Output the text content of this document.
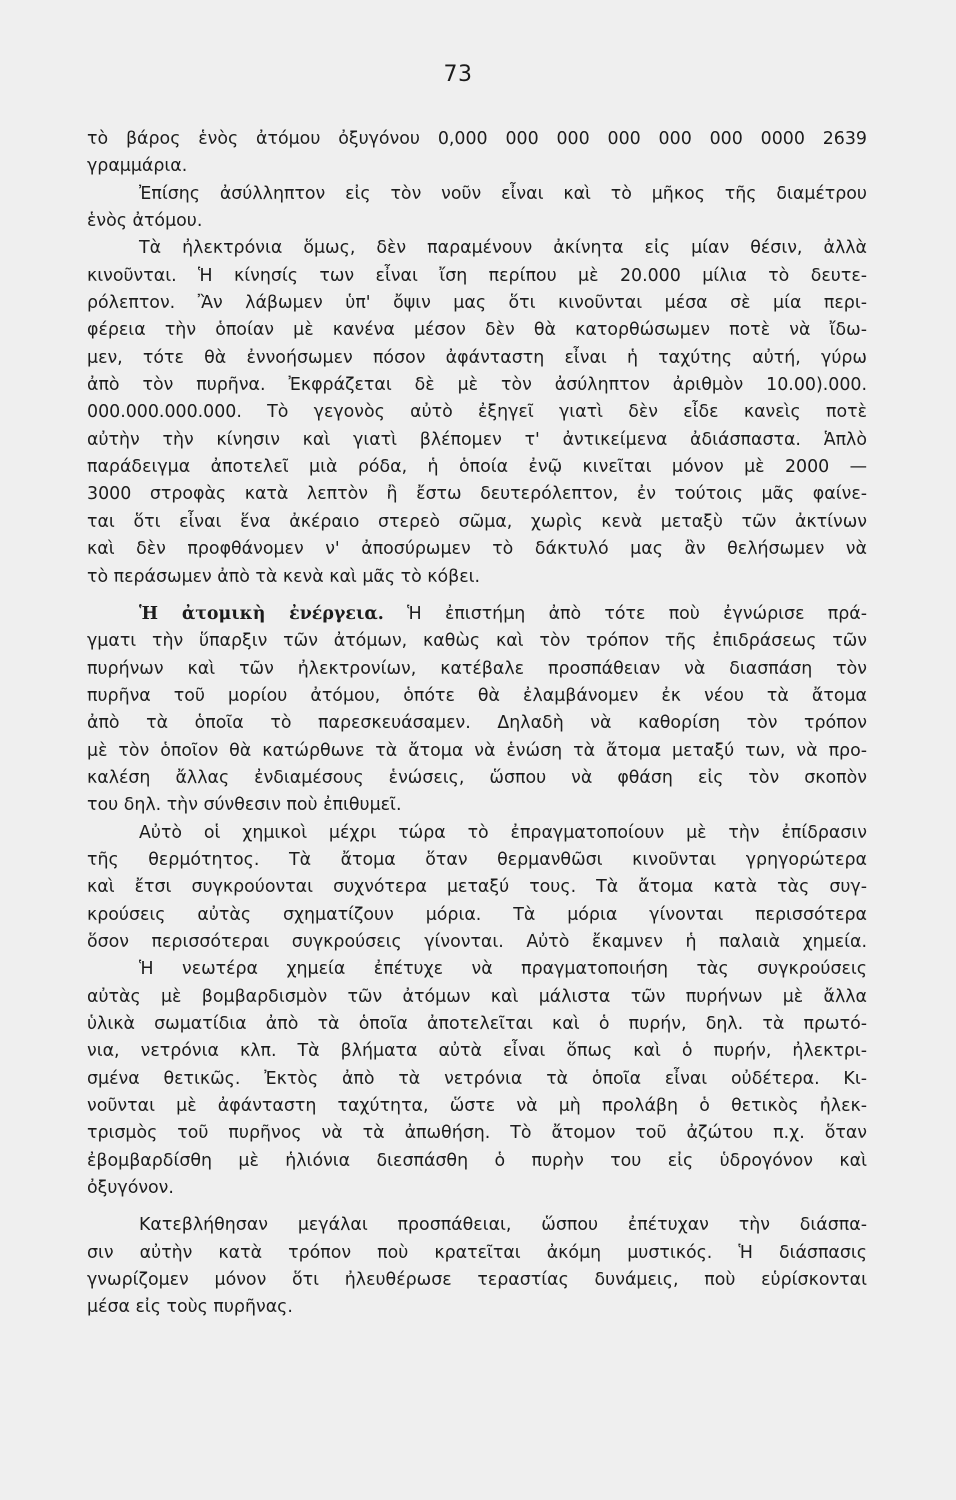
73
τὸ βάρος ἑνὸς ἀτόμου ὀξυγόνου 0,000 000 000 000 000 000 0000 2639
γραμμάρια.
Ἐπίσης ἀσύλληπτον εἰς τὸν νοῦν εἶναι καὶ τὸ μῆκος τῆς διαμέτρου
ἑνὸς ἀτόμου.
Τὰ ἠλεκτρόνια ὅμως, δὲν παραμένουν ἀκίνητα εἰς μίαν θέσιν, ἀλλὰ
κινοῦνται. Ἡ κίνησίς των εἶναι ἴση περίπου μὲ 20.000 μίλια τὸ δευτε-
ρόλεπτον. Ἂν λάβωμεν ὑπ' ὄψιν μας ὅτι κινοῦνται μέσα σὲ μία περι-
φέρεια τὴν ὁποίαν μὲ κανένα μέσον δὲν θὰ κατορθώσωμεν ποτὲ νὰ ἴδω-
μεν, τότε θὰ ἐννοήσωμεν πόσον ἀφάνταστη εἶναι ἡ ταχύτης αὐτή, γύρω
ἀπὸ τὸν πυρῆνα. Ἐκφράζεται δὲ μὲ τὸν ἀσύληπτον ἀριθμὸν 10.00).000.
000.000.000.000. Τὸ γεγονὸς αὐτὸ ἐξηγεῖ γιατὶ δὲν εἶδε κανεὶς ποτὲ
αὐτὴν τὴν κίνησιν καὶ γιατὶ βλέπομεν τ' ἀντικείμενα ἀδιάσπαστα. Ἁπλὸ
παράδειγμα ἀποτελεῖ μιὰ ρόδα, ἡ ὁποία ἐνῷ κινεῖται μόνον μὲ 2000 —
3000 στροφὰς κατὰ λεπτὸν ἢ ἔστω δευτερόλεπτον, ἐν τούτοις μᾶς φαίνε-
ται ὅτι εἶναι ἕνα ἀκέραιο στερεὸ σῶμα, χωρὶς κενὰ μεταξὺ τῶν ἀκτίνων
καὶ δὲν προφθάνομεν ν' ἀποσύρωμεν τὸ δάκτυλό μας ἂν θελήσωμεν νὰ
τὸ περάσωμεν ἀπὸ τὰ κενὰ καὶ μᾶς τὸ κόβει.
Ἡ ἀτομικὴ ἐνέργεια. Ἡ ἐπιστήμη ἀπὸ τότε ποὺ ἐγνώρισε πρά-
γματι τὴν ὕπαρξιν τῶν ἀτόμων, καθὼς καὶ τὸν τρόπον τῆς ἐπιδράσεως τῶν
πυρήνων καὶ τῶν ἠλεκτρονίων, κατέβαλε προσπάθειαν νὰ διασπάση τὸν
πυρῆνα τοῦ μορίου ἀτόμου, ὁπότε θὰ ἐλαμβάνομεν ἐκ νέου τὰ ἄτομα
ἀπὸ τὰ ὁποῖα τὸ παρεσκευάσαμεν. Δηλαδὴ νὰ καθορίση τὸν τρόπον
μὲ τὸν ὁποῖον θὰ κατώρθωνε τὰ ἄτομα νὰ ἑνώση τὰ ἄτομα μεταξύ των, νὰ προ-
καλέση ἄλλας ἐνδιαμέσους ἑνώσεις, ὥσπου νὰ φθάση εἰς τὸν σκοπὸν
του δηλ. τὴν σύνθεσιν ποὺ ἐπιθυμεῖ.
Αὐτὸ οἱ χημικοὶ μέχρι τώρα τὸ ἐπραγματοποίουν μὲ τὴν ἐπίδρασιν
τῆς θερμότητος. Τὰ ἄτομα ὅταν θερμανθῶσι κινοῦνται γρηγορώτερα
καὶ ἔτσι συγκρούονται συχνότερα μεταξύ τους. Τὰ ἄτομα κατὰ τὰς συγ-
κρούσεις αὐτὰς σχηματίζουν μόρια. Τὰ μόρια γίνονται περισσότερα
ὅσον περισσότεραι συγκρούσεις γίνονται. Αὐτὸ ἔκαμνεν ἡ παλαιὰ χημεία.
Ἡ νεωτέρα χημεία ἐπέτυχε νὰ πραγματοποιήση τὰς συγκρούσεις
αὐτὰς μὲ βομβαρδισμὸν τῶν ἀτόμων καὶ μάλιστα τῶν πυρήνων μὲ ἄλλα
ὑλικὰ σωματίδια ἀπὸ τὰ ὁποῖα ἀποτελεῖται καὶ ὁ πυρήν, δηλ. τὰ πρωτό-
νια, νετρόνια κλπ. Τὰ βλήματα αὐτὰ εἶναι ὅπως καὶ ὁ πυρήν, ἠλεκτρι-
σμένα θετικῶς. Ἐκτὸς ἀπὸ τὰ νετρόνια τὰ ὁποῖα εἶναι οὐδέτερα. Κι-
νοῦνται μὲ ἀφάνταστη ταχύτητα, ὥστε νὰ μὴ προλάβη ὁ θετικὸς ἠλεκ-
τρισμὸς τοῦ πυρῆνος νὰ τὰ ἀπωθήση. Τὸ ἄτομον τοῦ ἀζώτου π.χ. ὅταν
ἐβομβαρδίσθη μὲ ἡλιόνια διεσπάσθη ὁ πυρὴν του εἰς ὑδρογόνον καὶ
ὀξυγόνον.
Κατεβλήθησαν μεγάλαι προσπάθειαι, ὥσπου ἐπέτυχαν τὴν διάσπα-
σιν αὐτὴν κατὰ τρόπον ποὺ κρατεῖται ἀκόμη μυστικός. Ἡ διάσπασις
γνωρίζομεν μόνον ὅτι ἠλευθέρωσε τεραστίας δυνάμεις, ποὺ εὑρίσκονται
μέσα εἰς τοὺς πυρῆνας.
